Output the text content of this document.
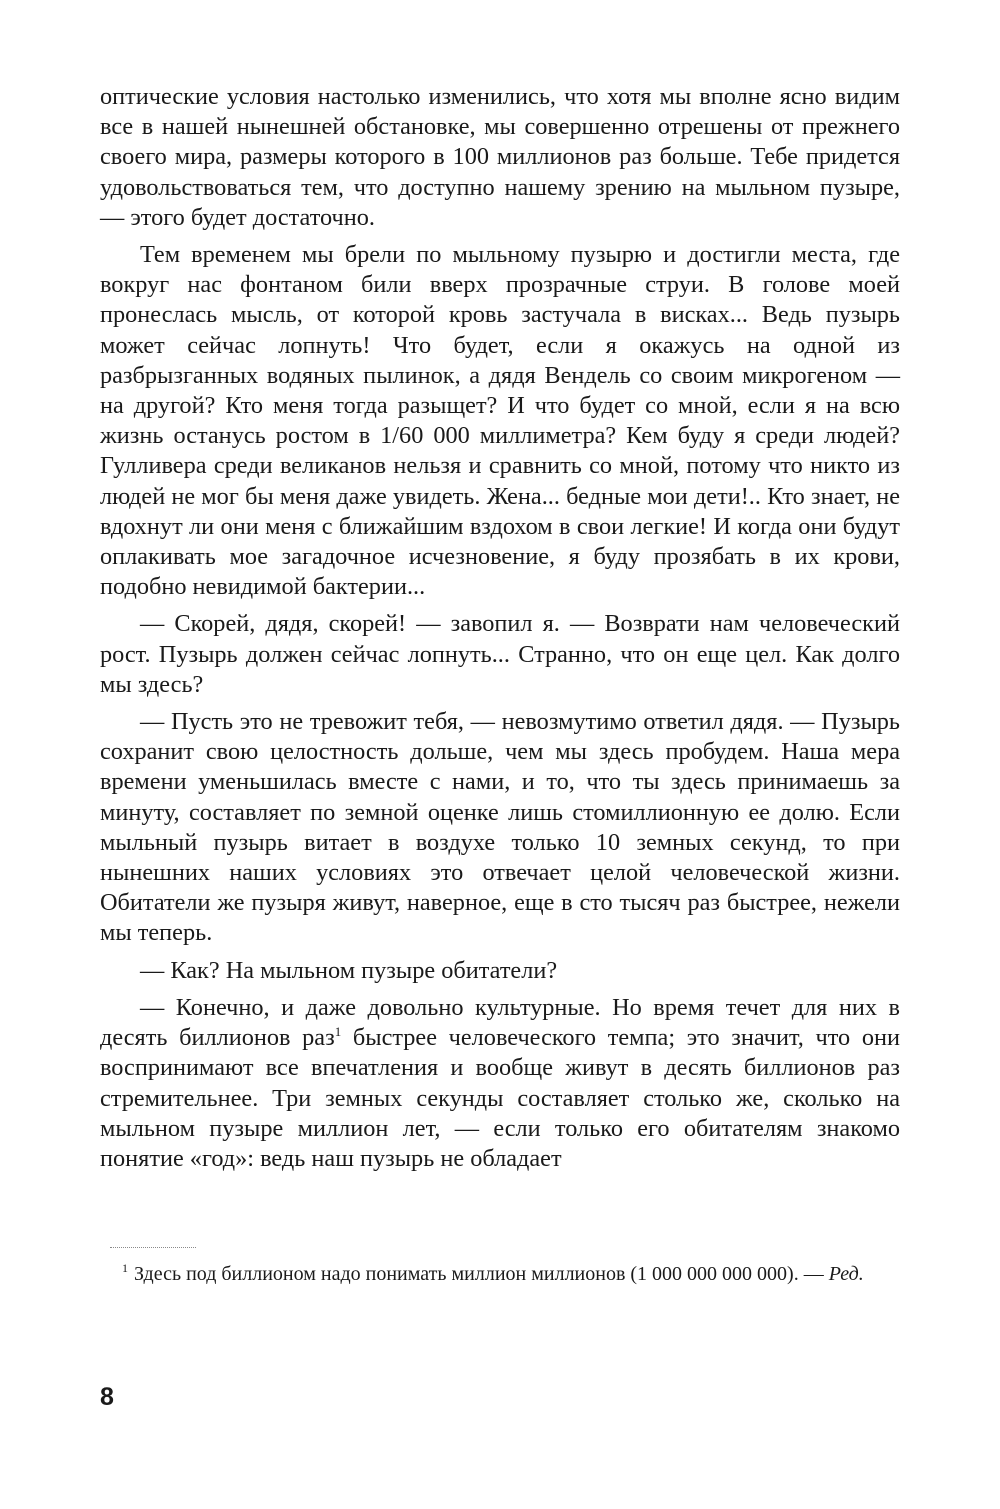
оптические условия настолько изменились, что хотя мы вполне ясно видим все в нашей нынешней обстановке, мы совершенно отрешены от прежнего своего мира, размеры которого в 100 миллионов раз больше. Тебе придется удовольствоваться тем, что доступно нашему зрению на мыльном пузыре, — этого будет достаточно.

Тем временем мы брели по мыльному пузырю и достигли места, где вокруг нас фонтаном били вверх прозрачные струи. В голове моей пронеслась мысль, от которой кровь застучала в висках... Ведь пузырь может сейчас лопнуть! Что будет, если я окажусь на одной из разбрызганных водяных пылинок, а дядя Вендель со своим микрогеном — на другой? Кто меня тогда разыщет? И что будет со мной, если я на всю жизнь останусь ростом в 1/60 000 миллиметра? Кем буду я среди людей? Гулливера среди великанов нельзя и сравнить со мной, потому что никто из людей не мог бы меня даже увидеть. Жена... бедные мои дети!.. Кто знает, не вдохнут ли они меня с ближайшим вздохом в свои легкие! И когда они будут оплакивать мое загадочное исчезновение, я буду прозябать в их крови, подобно невидимой бактерии...

— Скорей, дядя, скорей! — завопил я. — Возврати нам человеческий рост. Пузырь должен сейчас лопнуть... Странно, что он еще цел. Как долго мы здесь?

— Пусть это не тревожит тебя, — невозмутимо ответил дядя. — Пузырь сохранит свою целостность дольше, чем мы здесь пробудем. Наша мера времени уменьшилась вместе с нами, и то, что ты здесь принимаешь за минуту, составляет по земной оценке лишь стомиллионную ее долю. Если мыльный пузырь витает в воздухе только 10 земных секунд, то при нынешних наших условиях это отвечает целой человеческой жизни. Обитатели же пузыря живут, наверное, еще в сто тысяч раз быстрее, нежели мы теперь.

— Как? На мыльном пузыре обитатели?

— Конечно, и даже довольно культурные. Но время течет для них в десять биллионов раз$^1$ быстрее человеческого темпа; это значит, что они воспринимают все впечатления и вообще живут в десять биллионов раз стремительнее. Три земных секунды составляет столько же, сколько на мыльном пузыре миллион лет, — если только его обитателям знакомо понятие «год»: ведь наш пузырь не обладает

$^1$ Здесь под биллионом надо понимать миллион миллионов (1 000 000 000 000). — Ред.

8
